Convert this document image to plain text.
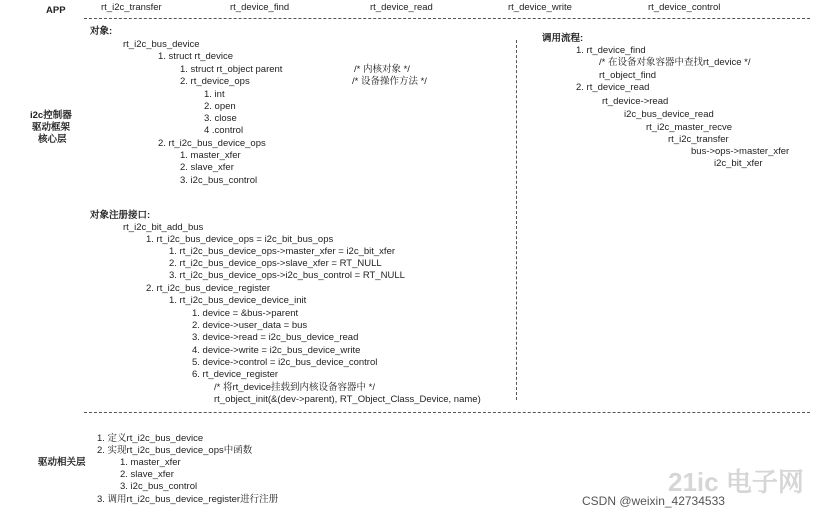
APP	rt_i2c_transfer	rt_device_find	rt_device_read	rt_device_write	rt_device_control
i2c控制器
驱动框架
核心层
对象:
rt_i2c_bus_device
1. struct rt_device
1. struct rt_object parent	/* 内核对象 */
2. rt_device_ops	/* 设备操作方法 */
1. int
2. open
3. close
4 .control
2. rt_i2c_bus_device_ops
1. master_xfer
2. slave_xfer
3. i2c_bus_control
对象注册接口:
rt_i2c_bit_add_bus
1. rt_i2c_bus_device_ops = i2c_bit_bus_ops
1. rt_i2c_bus_device_ops->master_xfer = i2c_bit_xfer
2. rt_i2c_bus_device_ops->slave_xfer = RT_NULL
3. rt_i2c_bus_device_ops->i2c_bus_control = RT_NULL
2. rt_i2c_bus_device_register
1. rt_i2c_bus_device_device_init
1. device = &bus->parent
2. device->user_data = bus
3. device->read = i2c_bus_device_read
4. device->write = i2c_bus_device_write
5. device->control = i2c_bus_device_control
6. rt_device_register
/* 将rt_device挂载到内核设备容器中 */
rt_object_init(&(dev->parent), RT_Object_Class_Device, name)
调用流程:
1. rt_device_find
/* 在设备对象容器中查找rt_device */
rt_object_find
2. rt_device_read
rt_device->read
i2c_bus_device_read
rt_i2c_master_recve
rt_i2c_transfer
bus->ops->master_xfer
i2c_bit_xfer
驱动相关层
1. 定义rt_i2c_bus_device
2. 实现rt_i2c_bus_device_ops中函数
1. master_xfer
2. slave_xfer
3. i2c_bus_control
3. 调用rt_i2c_bus_device_register进行注册
21ic 电子网
CSDN @weixin_42734533
